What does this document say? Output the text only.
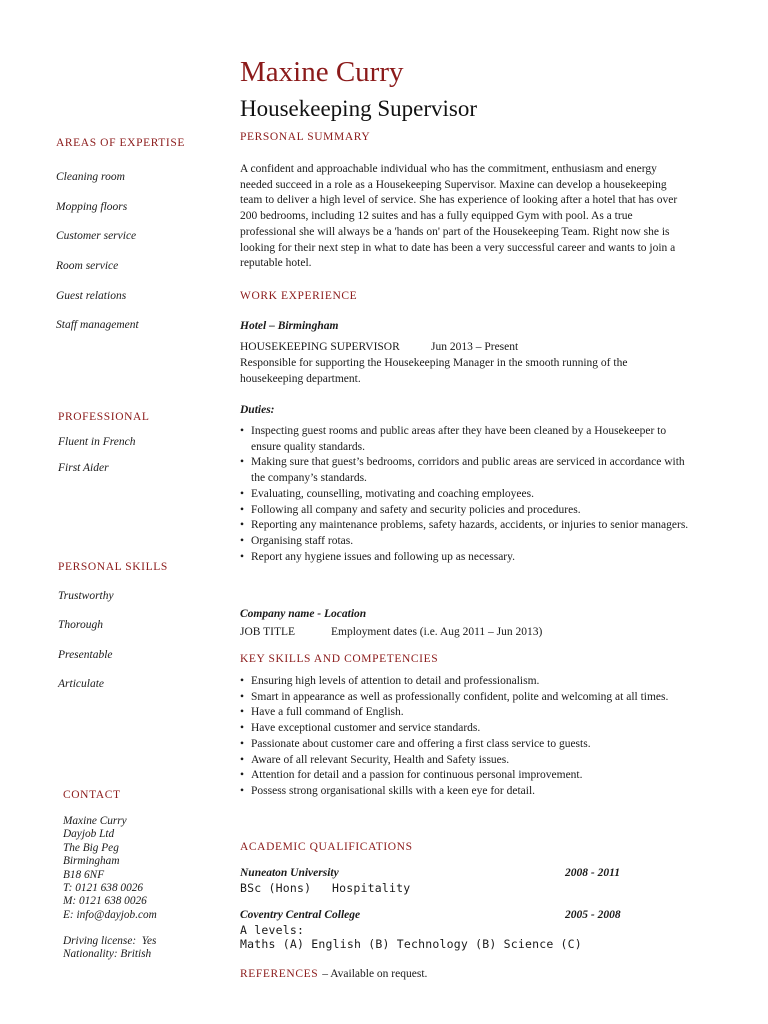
Maxine Curry
Housekeeping Supervisor
AREAS OF EXPERTISE
Cleaning room
Mopping floors
Customer service
Room service
Guest relations
Staff management
PROFESSIONAL
Fluent in French
First Aider
PERSONAL SKILLS
Trustworthy
Thorough
Presentable
Articulate
CONTACT
Maxine Curry
Dayjob Ltd
The Big Peg
Birmingham
B18 6NF
T: 0121 638 0026
M: 0121 638 0026
E: info@dayjob.com
Driving license:  Yes
Nationality: British
PERSONAL SUMMARY
A confident and approachable individual who has the commitment, enthusiasm and energy needed succeed in a role as a Housekeeping Supervisor. Maxine can develop a housekeeping team to deliver a high level of service. She has experience of looking after a hotel that has over 200 bedrooms, including 12 suites and has a fully equipped Gym with pool. As a true professional she will always be a 'hands on' part of the Housekeeping Team. Right now she is looking for their next step in what to date has been a very successful career and wants to join a reputable hotel.
WORK EXPERIENCE
Hotel – Birmingham
HOUSEKEEPING SUPERVISOR	Jun 2013 – Present
Responsible for supporting the Housekeeping Manager in the smooth running of the housekeeping department.
Duties:
• Inspecting guest rooms and public areas after they have been cleaned by a Housekeeper to ensure quality standards.
• Making sure that guest’s bedrooms, corridors and public areas are serviced in accordance with the company’s standards.
• Evaluating, counselling, motivating and coaching employees.
• Following all company and safety and security policies and procedures.
• Reporting any maintenance problems, safety hazards, accidents, or injuries to senior managers.
• Organising staff rotas.
• Report any hygiene issues and following up as necessary.
Company name - Location
JOB TITLE	Employment dates (i.e. Aug 2011 – Jun 2013)
KEY SKILLS AND COMPETENCIES
• Ensuring high levels of attention to detail and professionalism.
• Smart in appearance as well as professionally confident, polite and welcoming at all times.
• Have a full command of English.
• Have exceptional customer and service standards.
• Passionate about customer care and offering a first class service to guests.
• Aware of all relevant Security, Health and Safety issues.
• Attention for detail and a passion for continuous personal improvement.
• Possess strong organisational skills with a keen eye for detail.
ACADEMIC QUALIFICATIONS
Nuneaton University	2008 - 2011
BSc (Hons) Hospitality
Coventry Central College	2005 - 2008
A levels:
Maths (A) English (B) Technology (B) Science (C)
REFERENCES – Available on request.
